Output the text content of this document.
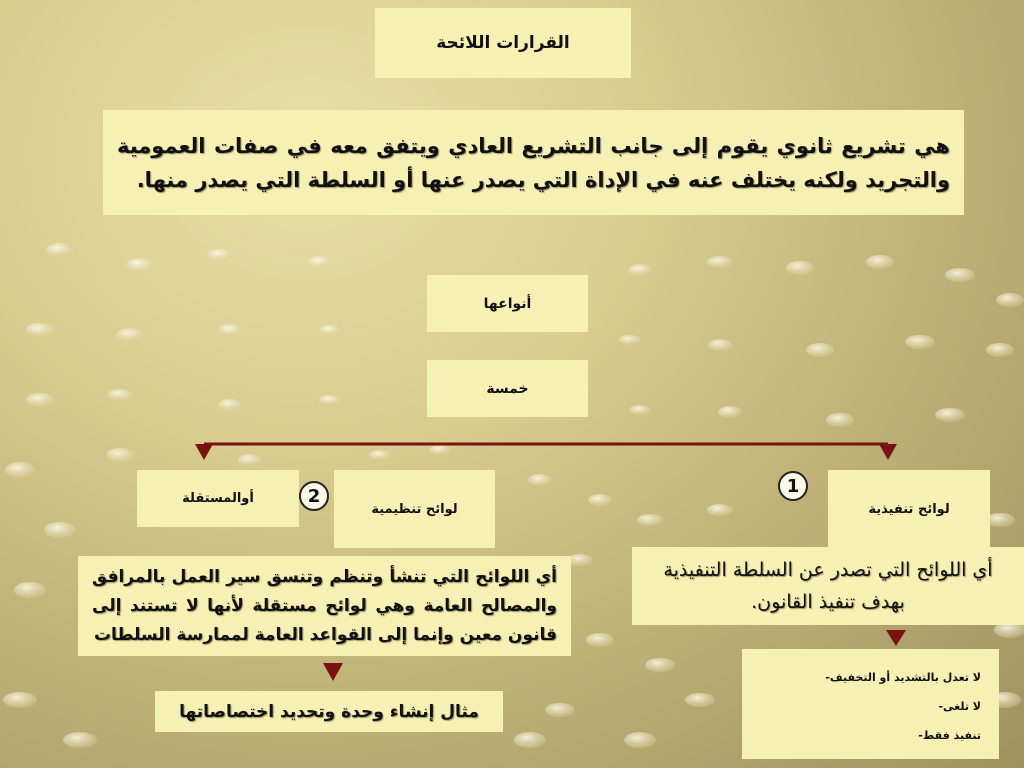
القرارات اللائحة
هي تشريع ثانوي يقوم إلى جانب التشريع العادي ويتفق معه في صفات العمومية والتجريد ولكنه يختلف عنه في الإداة التي يصدر عنها أو السلطة التي يصدر منها.
أنواعها
خمسة
لوائح تنفيذية
1
لوائح تنظيمية
2
أوالمستقلة
أي اللوائح التي تصدر عن السلطة التنفيذية بهدف تنفيذ القانون.
أي اللوائح التي تنشأ وتنظم وتنسق سير العمل بالمرافق والمصالح العامة وهي لوائح مستقلة لأنها لا تستند إلى قانون معين وإنما إلى القواعد العامة لممارسة السلطات
مثال إنشاء وحدة وتحديد اختصاصاتها
لا تعدل بالتشديد أو التخفيف
-
لا تلغى
-
تنفيذ فقط
-
